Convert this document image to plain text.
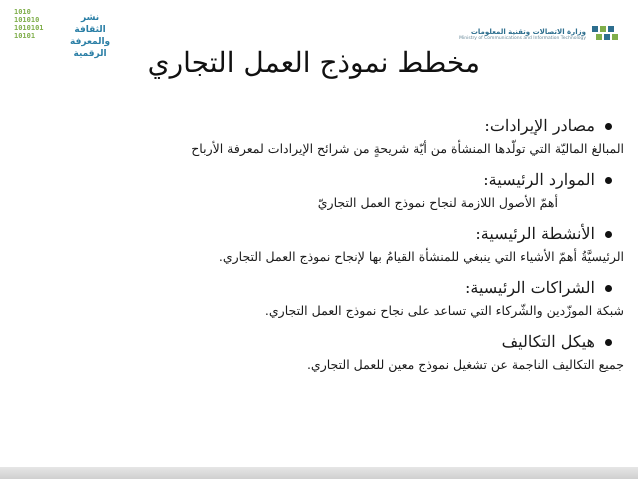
وزارة الاتصالات وتقنية المعلومات
Ministry of Communications and Information Technology
1010
101010
1010101
10101
نشر
الثقافة
والمعرفة
الرقمية مخطط نموذج العمل التجاري
مصادر الإيرادات:
المبالغ الماليّة التي تولّدها المنشأة من أيّة شريحةٍ من شرائح الإيرادات لمعرفة الأرباح
الموارد الرئيسية:
أهمّ الأصول اللازمة لنجاح نموذج العمل التجاريّ
الأنشطة الرئيسية:
الرئيسيَّةُ أهمّ الأشياء التي ينبغي للمنشأة القيامُ بها لإنجاح نموذج العمل التجاري.
الشراكات الرئيسية:
شبكة الموزّدين والشّركاء التي تساعد على نجاح نموذج العمل التجاري.
هيكل التكاليف
جميع التكاليف الناجمة عن تشغيل نموذج معين للعمل التجاري.
